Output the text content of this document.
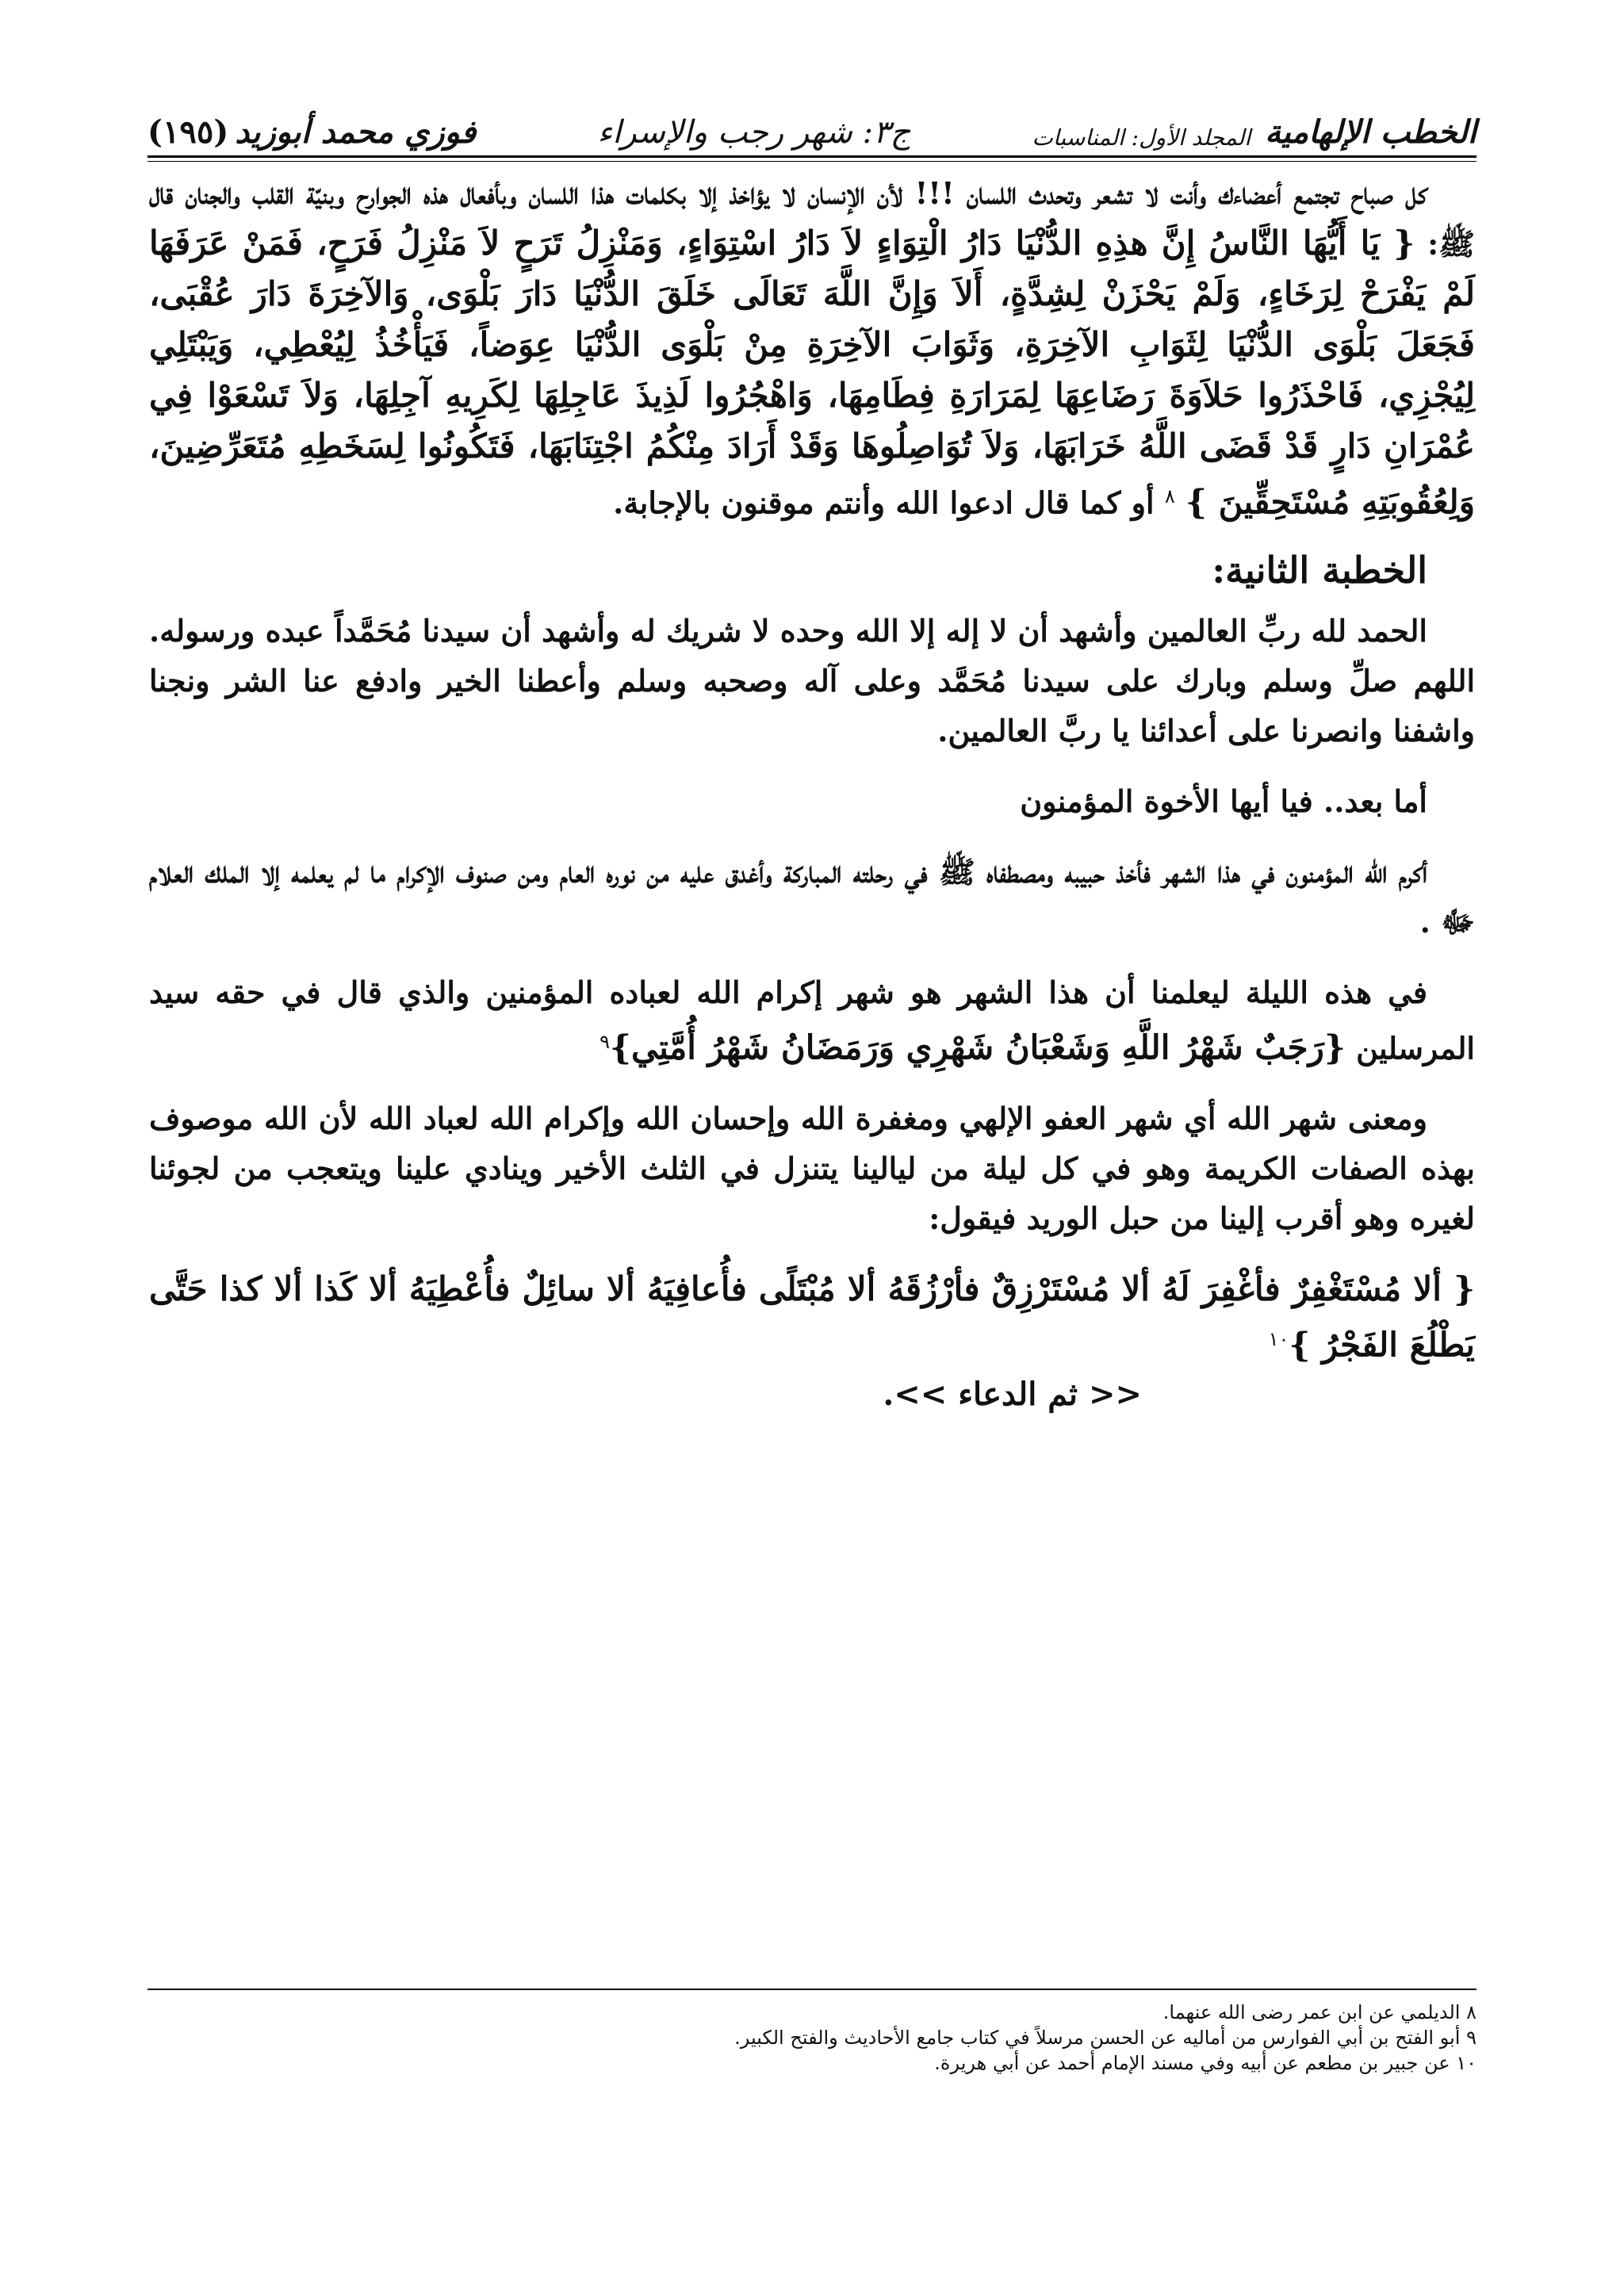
الخطب الإلهامية
المجلد الأول: المناسبات
ج٣: شهر رجب والإسراء
فوزي محمد أبوزيد
(١٩٥)

كل صباح تجتمع أعضاءك وأنت لا تشعر وتحدث اللسان !!! لأن الإنسان لا يؤاخذ إلا بكلمات هذا اللسان وبأفعال هذه الجوارح وبنيّة القلب والجنان قال ﷺ: { يَا أَيُّهَا النَّاسُ إِنَّ هذِهِ الدُّنْيَا دَارُ الْتِوَاءٍ لاَ دَارُ اسْتِوَاءٍ، وَمَنْزِلُ تَرَحٍ لاَ مَنْزِلُ فَرَحٍ، فَمَنْ عَرَفَهَا لَمْ يَفْرَحْ لِرَخَاءٍ، وَلَمْ يَحْزَنْ لِشِدَّةٍ، أَلاَ وَإِنَّ اللَّهَ تَعَالَى خَلَقَ الدُّنْيَا دَارَ بَلْوَى، وَالآخِرَةَ دَارَ عُقْبَى، فَجَعَلَ بَلْوَى الدُّنْيَا لِثَوَابِ الآخِرَةِ، وَثَوَابَ الآخِرَةِ مِنْ بَلْوَى الدُّنْيَا عِوَضاً، فَيَأْخُذُ لِيُعْطِي، وَيَبْتَلِي لِيُجْزِي، فَاحْذَرُوا حَلاَوَةَ رَضَاعِهَا لِمَرَارَةِ فِطَامِهَا، وَاهْجُرُوا لَذِيذَ عَاجِلِهَا لِكَرِيهِ آجِلِهَا، وَلاَ تَسْعَوْا فِي عُمْرَانِ دَارٍ قَدْ قَضَى اللَّهُ خَرَابَهَا، وَلاَ تُوَاصِلُوهَا وَقَدْ أَرَادَ مِنْكُمُ اجْتِنَابَهَا، فَتَكُونُوا لِسَخَطِهِ مُتَعَرِّضِينَ، وَلِعُقُوبَتِهِ مُسْتَحِقِّينَ } $^٨$ أو كما قال ادعوا الله وأنتم موقنون بالإجابة.

الخطبة الثانية:

الحمد لله ربِّ العالمين وأشهد أن لا إله إلا الله وحده لا شريك له وأشهد أن سيدنا مُحَمَّداً عبده ورسوله. اللهم صلِّ وسلم وبارك على سيدنا مُحَمَّد وعلى آله وصحبه وسلم وأعطنا الخير وادفع عنا الشر ونجنا واشفنا وانصرنا على أعدائنا يا ربَّ العالمين.

أما بعد.. فيا أيها الأخوة المؤمنون

أكرم الله المؤمنون في هذا الشهر فأخذ حبيبه ومصطفاه ﷺ في رحلته المباركة وأغدق عليه من نوره العام ومن صنوف الإكرام ما لم يعلمه إلا الملك العلام ﷻ .

في هذه الليلة ليعلمنا أن هذا الشهر هو شهر إكرام الله لعباده المؤمنين والذي قال في حقه سيد المرسلين {رَجَبٌ شَهْرُ اللَّهِ وَشَعْبَانُ شَهْرِي وَرَمَضَانُ شَهْرُ أُمَّتِي}$^٩$

ومعنى شهر الله أي شهر العفو الإلهي ومغفرة الله وإحسان الله وإكرام الله لعباد الله لأن الله موصوف بهذه الصفات الكريمة وهو في كل ليلة من ليالينا يتنزل في الثلث الأخير وينادي علينا ويتعجب من لجوئنا لغيره وهو أقرب إلينا من حبل الوريد فيقول:

{ ألا مُسْتَغْفِرٌ فأغْفِرَ لَهُ ألا مُسْتَرْزِقٌ فأرْزُقَهُ ألا مُبْتَلًى فأُعافِيَهُ ألا سائِلٌ فأُعْطِيَهُ ألا كَذا ألا كذا حَتَّى يَطْلُعَ الفَجْرُ }$^{١٠}$

<< ثم الدعاء >>.

٨ الديلمي عن ابن عمر رضى الله عنهما.

٩ أبو الفتح بن أبي الفوارس من أماليه عن الحسن مرسلاً في كتاب جامع الأحاديث والفتح الكبير.

١٠ عن جبير بن مطعم عن أبيه وفي مسند الإمام أحمد عن أبي هريرة.
